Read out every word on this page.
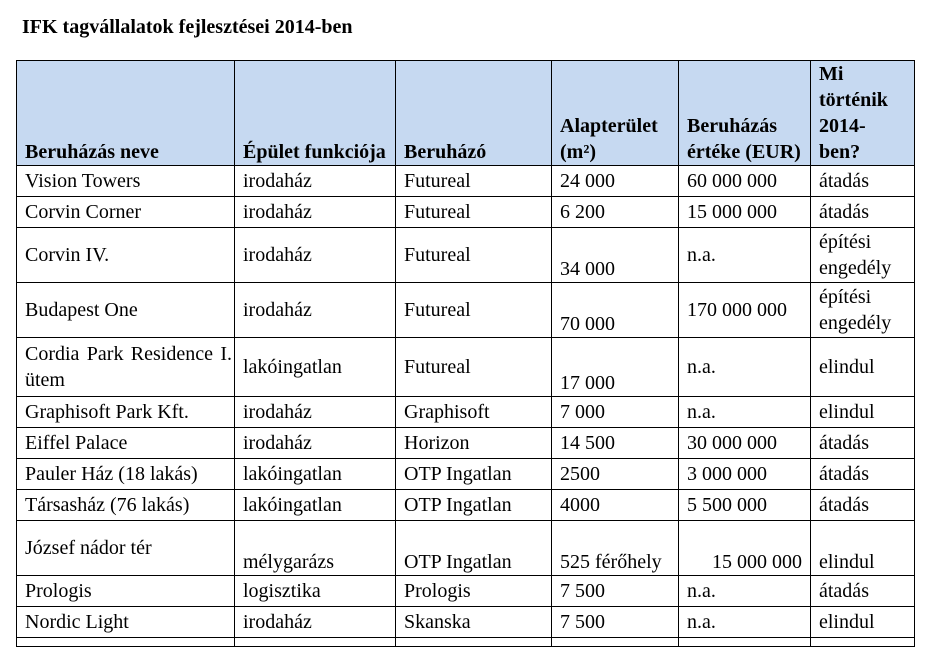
IFK tagvállalatok fejlesztései 2014-ben
Beruházás neve	Épület funkciója	Beruházó	Alapterület (m²)	Beruházás értéke (EUR)	Mi történik 2014-ben?
Vision Towers	irodaház	Futureal	24 000	60 000 000	átadás
Corvin Corner	irodaház	Futureal	6 200	15 000 000	átadás
Corvin IV.	irodaház	Futureal	34 000	n.a.	építési engedély
Budapest One	irodaház	Futureal	70 000	170 000 000	építési engedély
Cordia Park Residence I. ütem	lakóingatlan	Futureal	17 000	n.a.	elindul
Graphisoft Park Kft.	irodaház	Graphisoft	7 000	n.a.	elindul
Eiffel Palace	irodaház	Horizon	14 500	30 000 000	átadás
Pauler Ház (18 lakás)	lakóingatlan	OTP Ingatlan	2500	3 000 000	átadás
Társasház (76 lakás)	lakóingatlan	OTP Ingatlan	4000	5 500 000	átadás
József nádor tér	mélygarázs	OTP Ingatlan	525 férőhely	15 000 000	elindul
Prologis	logisztika	Prologis	7 500	n.a.	átadás
Nordic Light	irodaház	Skanska	7 500	n.a.	elindul
